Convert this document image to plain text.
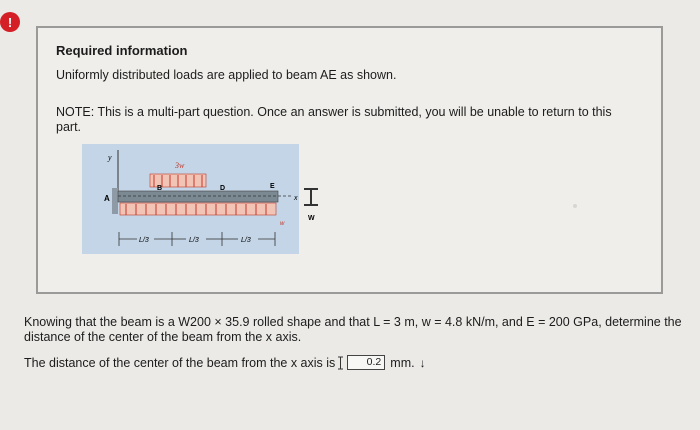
!
Required information
Uniformly distributed loads are applied to beam AE as shown.
NOTE: This is a multi-part question. Once an answer is submitted, you will be unable to return to this part.
y
3w
A
B	D	E
w
x
W
L/3	L/3	L/3
Knowing that the beam is a W200 × 35.9 rolled shape and that L = 3 m, w = 4.8 kN/m, and E = 200 GPa, determine the distance of the center of the beam from the x axis.
The distance of the center of the beam from the x axis is	0.2 mm. ↓
